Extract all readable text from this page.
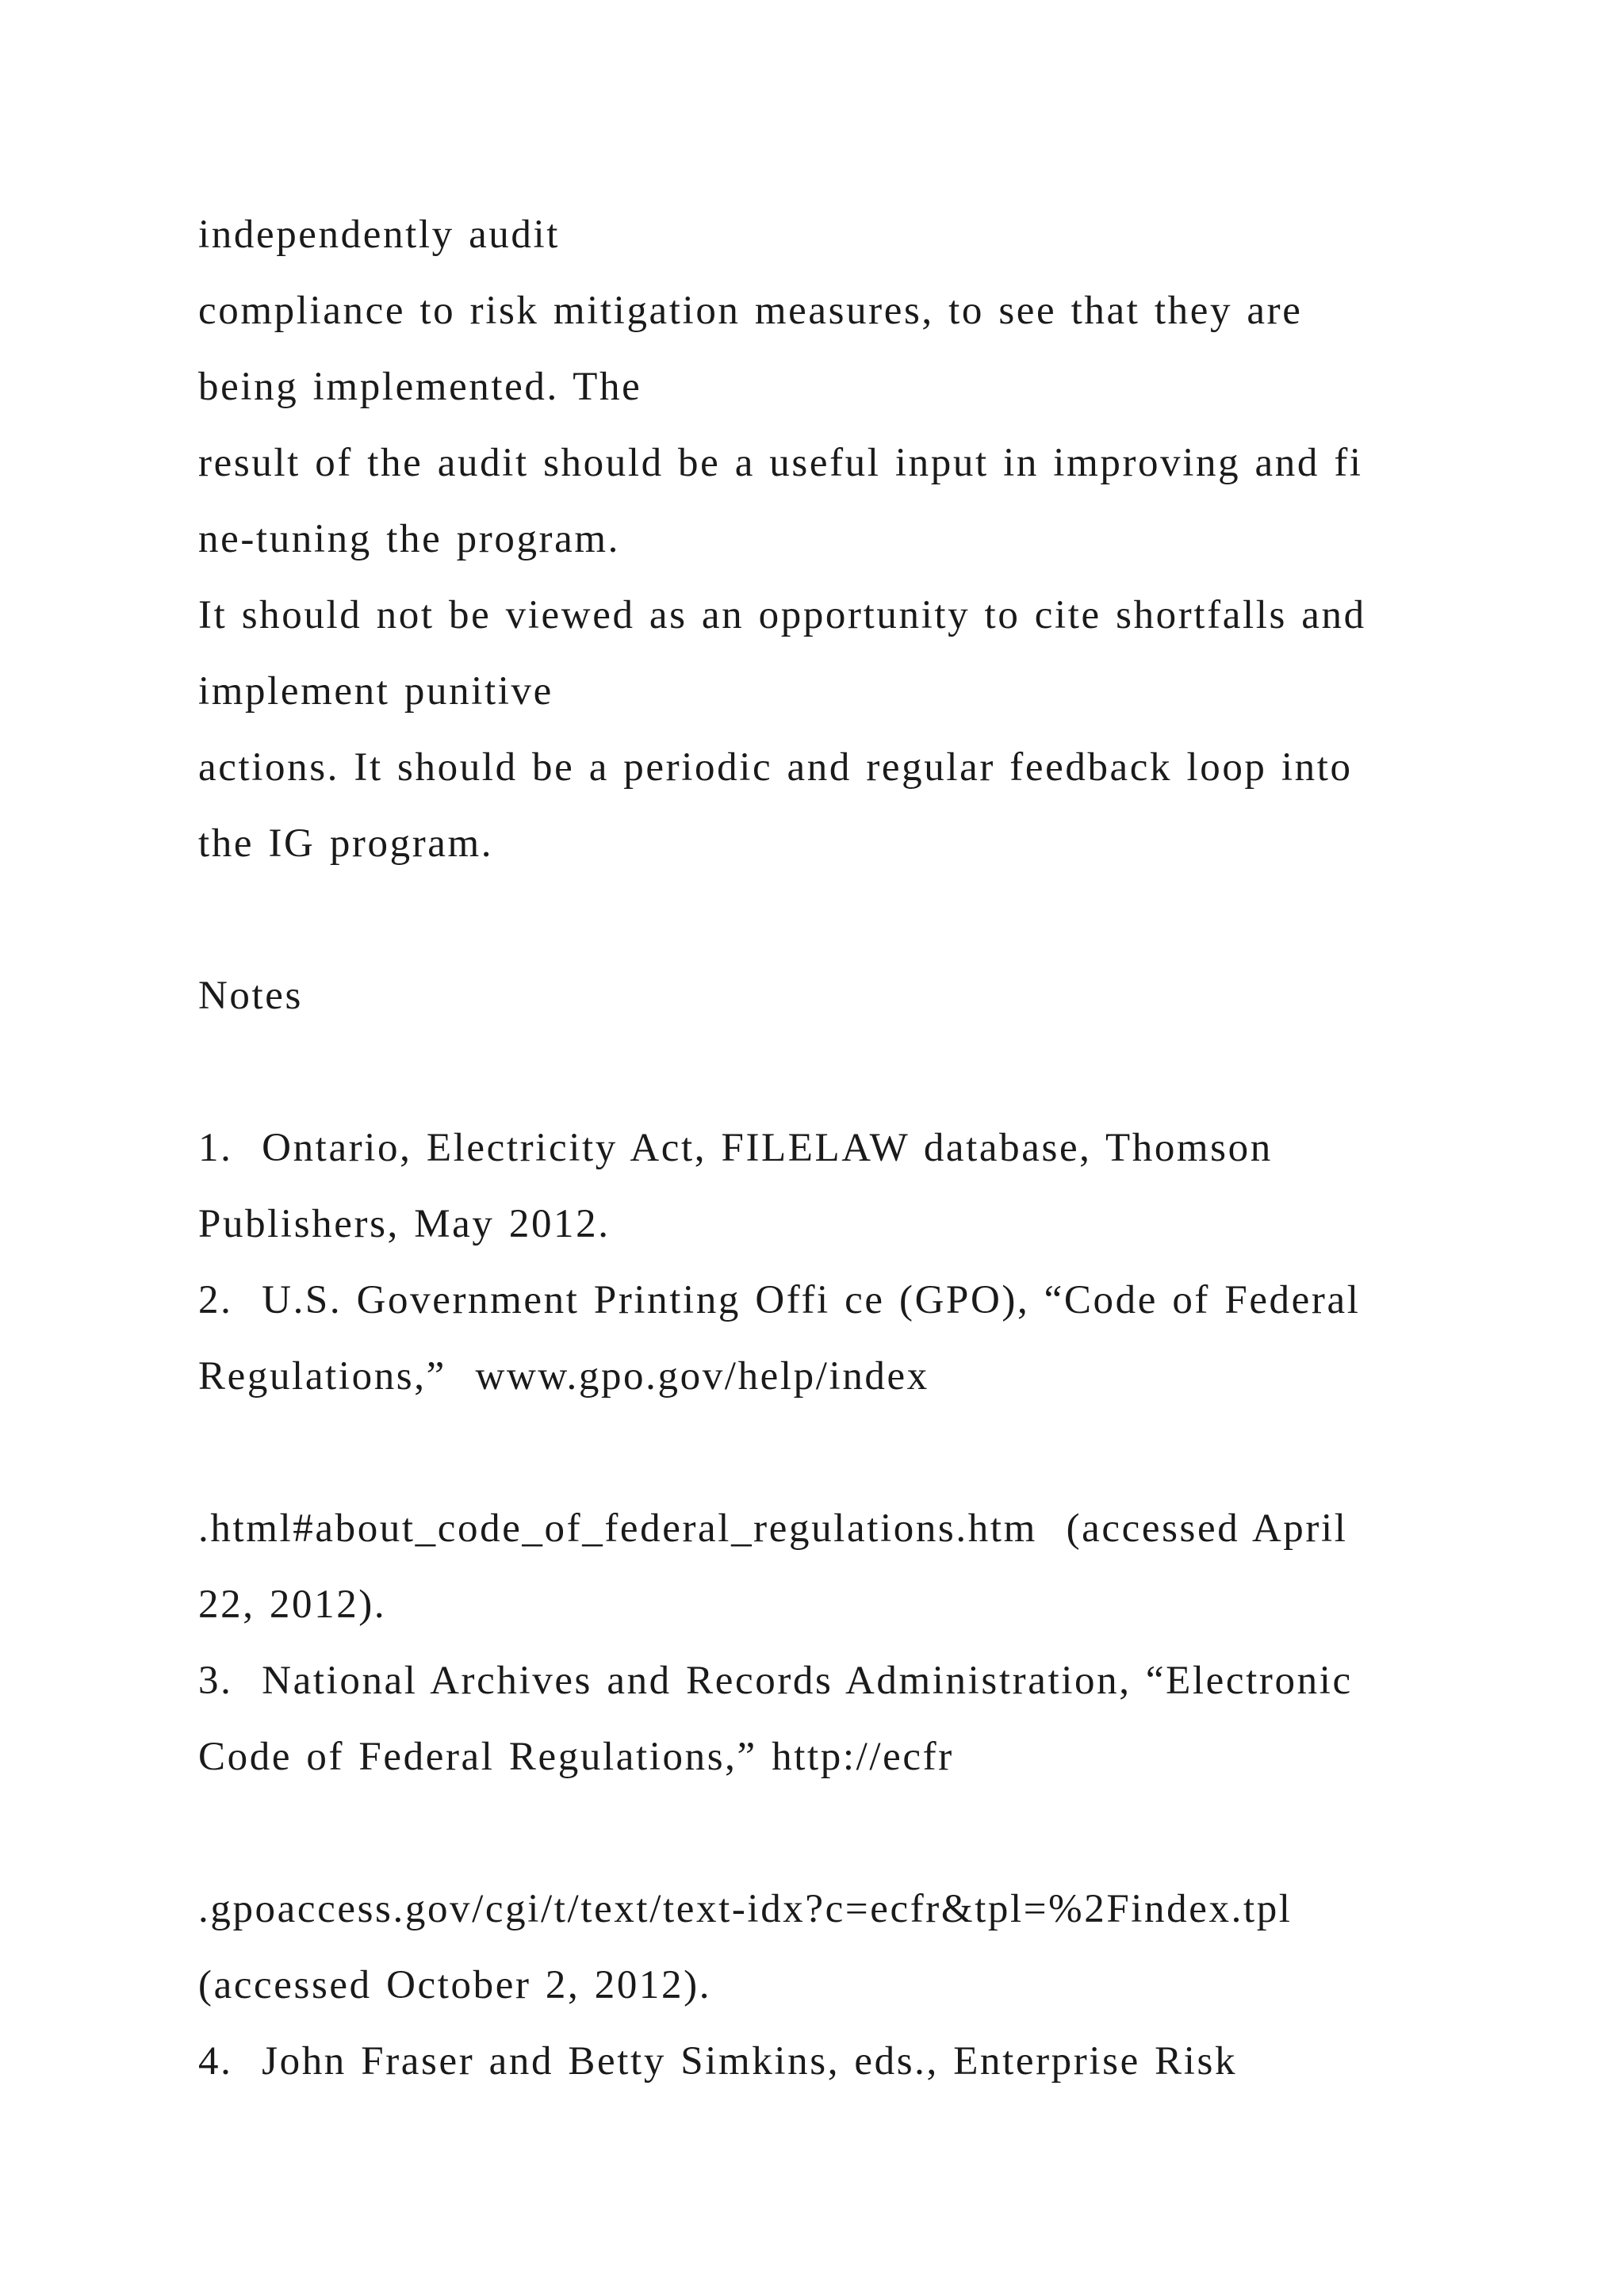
independently audit
compliance to risk mitigation measures, to see that they are
being implemented. The
result of the audit should be a useful input in improving and fi
ne-tuning the program.
It should not be viewed as an opportunity to cite shortfalls and
implement punitive
actions. It should be a periodic and regular feedback loop into
the IG program.
Notes
1.  Ontario, Electricity Act, FILELAW database, Thomson
Publishers, May 2012.
2.  U.S. Government Printing Offi ce (GPO), “Code of Federal
Regulations,”  www.gpo.gov/help/index
.html#about_code_of_federal_regulations.htm  (accessed April
22, 2012).
3.  National Archives and Records Administration, “Electronic
Code of Federal Regulations,” http://ecfr
.gpoaccess.gov/cgi/t/text/text-idx?c=ecfr&tpl=%2Findex.tpl
(accessed October 2, 2012).
4.  John Fraser and Betty Simkins, eds., Enterprise Risk
